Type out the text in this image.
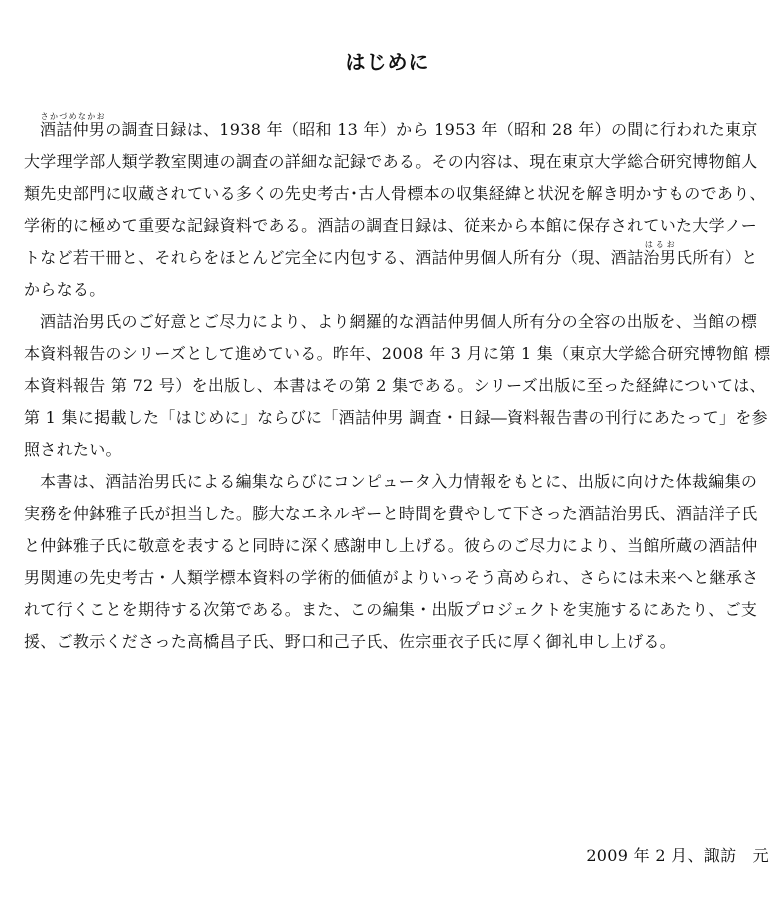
はじめに

酒詰仲男さかづめなかおの調査日録は、1938 年（昭和 13 年）から 1953 年（昭和 28 年）の間に行われた東京大学理学部人類学教室関連の調査の詳細な記録である。その内容は、現在東京大学総合研究博物館人類先史部門に収蔵されている多くの先史考古･古人骨標本の収集経緯と状況を解き明かすものであり、学術的に極めて重要な記録資料である。酒詰の調査日録は、従来から本館に保存されていた大学ノートなど若干冊と、それらをほとんど完全に内包する、酒詰仲男個人所有分（現、酒詰治男はるお氏所有）とからなる。

酒詰治男氏のご好意とご尽力により、より網羅的な酒詰仲男個人所有分の全容の出版を、当館の標本資料報告のシリーズとして進めている。昨年、2008 年 3 月に第 1 集（東京大学総合研究博物館 標本資料報告 第 72 号）を出版し、本書はその第 2 集である。シリーズ出版に至った経緯については、第 1 集に掲載した「はじめに」ならびに「酒詰仲男 調査・日録―資料報告書の刊行にあたって」を参照されたい。

本書は、酒詰治男氏による編集ならびにコンピュータ入力情報をもとに、出版に向けた体裁編集の実務を仲鉢雅子氏が担当した。膨大なエネルギーと時間を費やして下さった酒詰治男氏、酒詰洋子氏と仲鉢雅子氏に敬意を表すると同時に深く感謝申し上げる。彼らのご尽力により、当館所蔵の酒詰仲男関連の先史考古・人類学標本資料の学術的価値がよりいっそう高められ、さらには未来へと継承されて行くことを期待する次第である。また、この編集・出版プロジェクトを実施するにあたり、ご支援、ご教示くださった高橋昌子氏、野口和己子氏、佐宗亜衣子氏に厚く御礼申し上げる。

2009 年 2 月、諏訪　元
